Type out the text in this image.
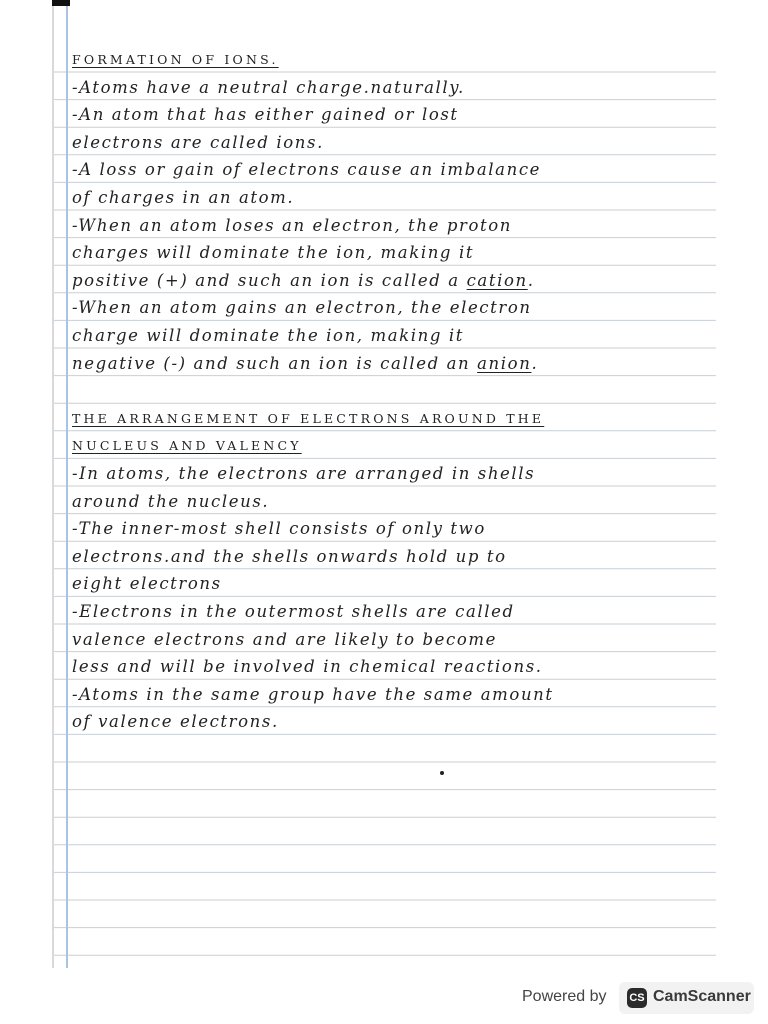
FORMATION OF IONS.
-Atoms have a neutral charge.naturally.
-An atom that has either gained or lost
electrons are called ions.
-A loss or gain of electrons cause an imbalance
of charges in an atom.
-When an atom loses an electron, the proton
charges will dominate the ion, making it
positive (+) and such an ion is called a cation.
-When an atom gains an electron, the electron
charge will dominate the ion, making it
negative (-) and such an ion is called an anion.
THE ARRANGEMENT OF ELECTRONS AROUND THE
NUCLEUS AND VALENCY
-In atoms, the electrons are arranged in shells
around the nucleus.
-The inner-most shell consists of only two
electrons.and the shells onwards hold up to
eight electrons
-Electrons in the outermost shells are called
valence electrons and are likely to become
less and will be involved in chemical reactions.
-Atoms in the same group have the same amount
of valence electrons.
Powered by CS CamScanner
